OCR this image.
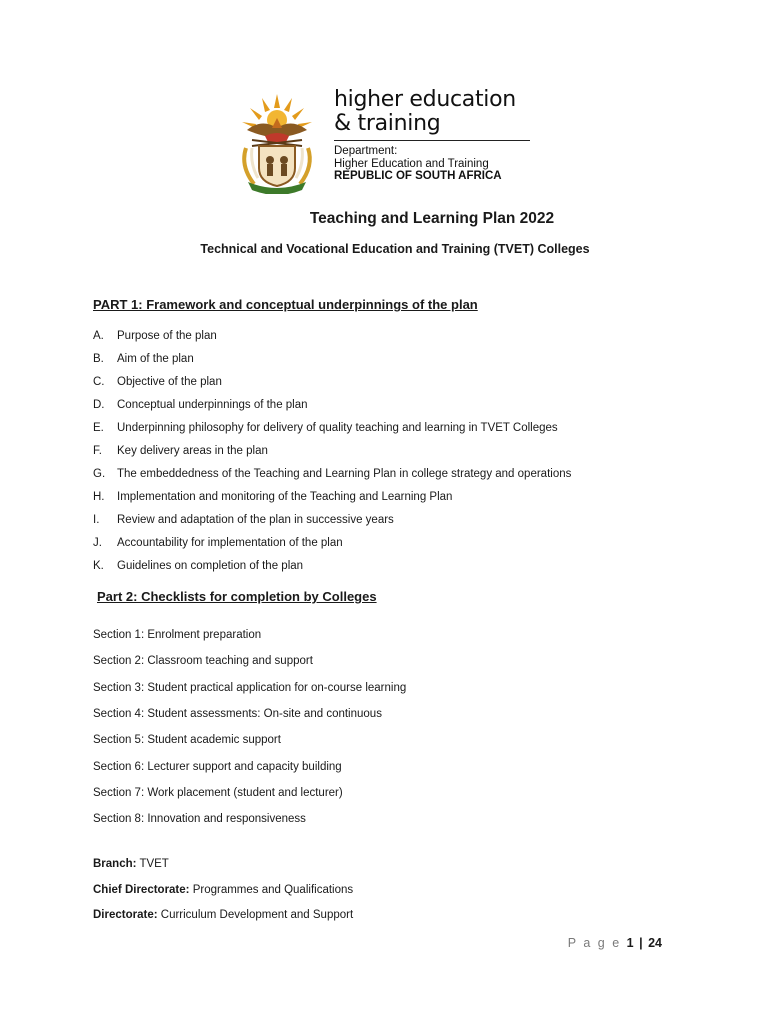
higher education
& training
Department:
Higher Education and Training
REPUBLIC OF SOUTH AFRICA
Teaching and Learning Plan 2022
Technical and Vocational Education and Training (TVET) Colleges
PART 1: Framework and conceptual underpinnings of the plan
A.	Purpose of the plan
B.	Aim of the plan
C.	Objective of the plan
D.	Conceptual underpinnings of the plan
E.	Underpinning philosophy for delivery of quality teaching and learning in TVET Colleges
F.	Key delivery areas in the plan
G.	The embeddedness of the Teaching and Learning Plan in college strategy and operations
H.	Implementation and monitoring of the Teaching and Learning Plan
I.	Review and adaptation of the plan in successive years
J.	Accountability for implementation of the plan
K.	Guidelines on completion of the plan
Part 2: Checklists for completion by Colleges
Section 1: Enrolment preparation
Section 2: Classroom teaching and support
Section 3: Student practical application for on-course learning
Section 4: Student assessments: On-site and continuous
Section 5: Student academic support
Section 6: Lecturer support and capacity building
Section 7: Work placement (student and lecturer)
Section 8: Innovation and responsiveness
Branch: TVET
Chief Directorate: Programmes and Qualifications
Directorate: Curriculum Development and Support
P a g e 1 | 24
